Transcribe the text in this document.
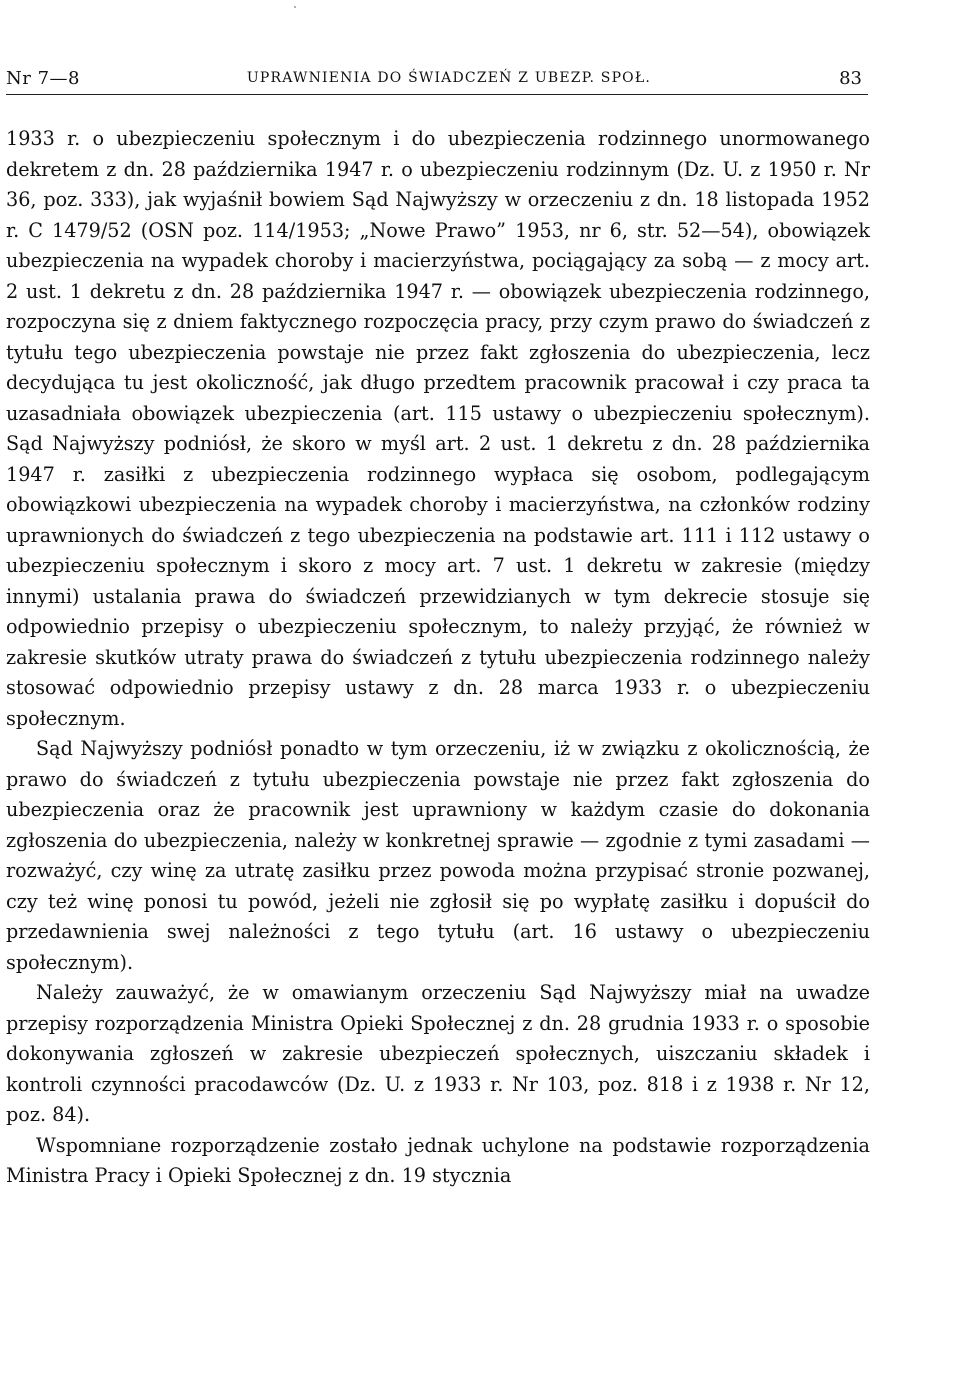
Nr 7—8	UPRAWNIENIA DO ŚWIADCZEŃ Z UBEZP. SPOŁ.	83

1933 r. o ubezpieczeniu społecznym i do ubezpieczenia rodzinnego unormowanego dekretem z dn. 28 października 1947 r. o ubezpieczeniu rodzinnym (Dz. U. z 1950 r. Nr 36, poz. 333), jak wyjaśnił bowiem Sąd Najwyższy w orzeczeniu z dn. 18 listopada 1952 r. C 1479/52 (OSN poz. 114/1953; „Nowe Prawo” 1953, nr 6, str. 52—54), obowiązek ubezpieczenia na wypadek choroby i macierzyństwa, pociągający za sobą — z mocy art. 2 ust. 1 dekretu z dn. 28 października 1947 r. — obowiązek ubezpieczenia rodzinnego, rozpoczyna się z dniem faktycznego rozpoczęcia pracy, przy czym prawo do świadczeń z tytułu tego ubezpieczenia powstaje nie przez fakt zgłoszenia do ubezpieczenia, lecz decydująca tu jest okoliczność, jak długo przedtem pracownik pracował i czy praca ta uzasadniała obowiązek ubezpieczenia (art. 115 ustawy o ubezpieczeniu społecznym). Sąd Najwyższy podniósł, że skoro w myśl art. 2 ust. 1 dekretu z dn. 28 października 1947 r. zasiłki z ubezpieczenia rodzinnego wypłaca się osobom, podlegającym obowiązkowi ubezpieczenia na wypadek choroby i macierzyństwa, na członków rodziny uprawnionych do świadczeń z tego ubezpieczenia na podstawie art. 111 i 112 ustawy o ubezpieczeniu społecznym i skoro z mocy art. 7 ust. 1 dekretu w zakresie (między innymi) ustalania prawa do świadczeń przewidzianych w tym dekrecie stosuje się odpowiednio przepisy o ubezpieczeniu społecznym, to należy przyjąć, że również w zakresie skutków utraty prawa do świadczeń z tytułu ubezpieczenia rodzinnego należy stosować odpowiednio przepisy ustawy z dn. 28 marca 1933 r. o ubezpieczeniu społecznym.

Sąd Najwyższy podniósł ponadto w tym orzeczeniu, iż w związku z okolicznością, że prawo do świadczeń z tytułu ubezpieczenia powstaje nie przez fakt zgłoszenia do ubezpieczenia oraz że pracownik jest uprawniony w każdym czasie do dokonania zgłoszenia do ubezpieczenia, należy w konkretnej sprawie — zgodnie z tymi zasadami — rozważyć, czy winę za utratę zasiłku przez powoda można przypisać stronie pozwanej, czy też winę ponosi tu powód, jeżeli nie zgłosił się po wypłatę zasiłku i dopuścił do przedawnienia swej należności z tego tytułu (art. 16 ustawy o ubezpieczeniu społecznym).

Należy zauważyć, że w omawianym orzeczeniu Sąd Najwyższy miał na uwadze przepisy rozporządzenia Ministra Opieki Społecznej z dn. 28 grudnia 1933 r. o sposobie dokonywania zgłoszeń w zakresie ubezpieczeń społecznych, uiszczaniu składek i kontroli czynności pracodawców (Dz. U. z 1933 r. Nr 103, poz. 818 i z 1938 r. Nr 12, poz. 84).

Wspomniane rozporządzenie zostało jednak uchylone na podstawie rozporządzenia Ministra Pracy i Opieki Społecznej z dn. 19 stycznia
